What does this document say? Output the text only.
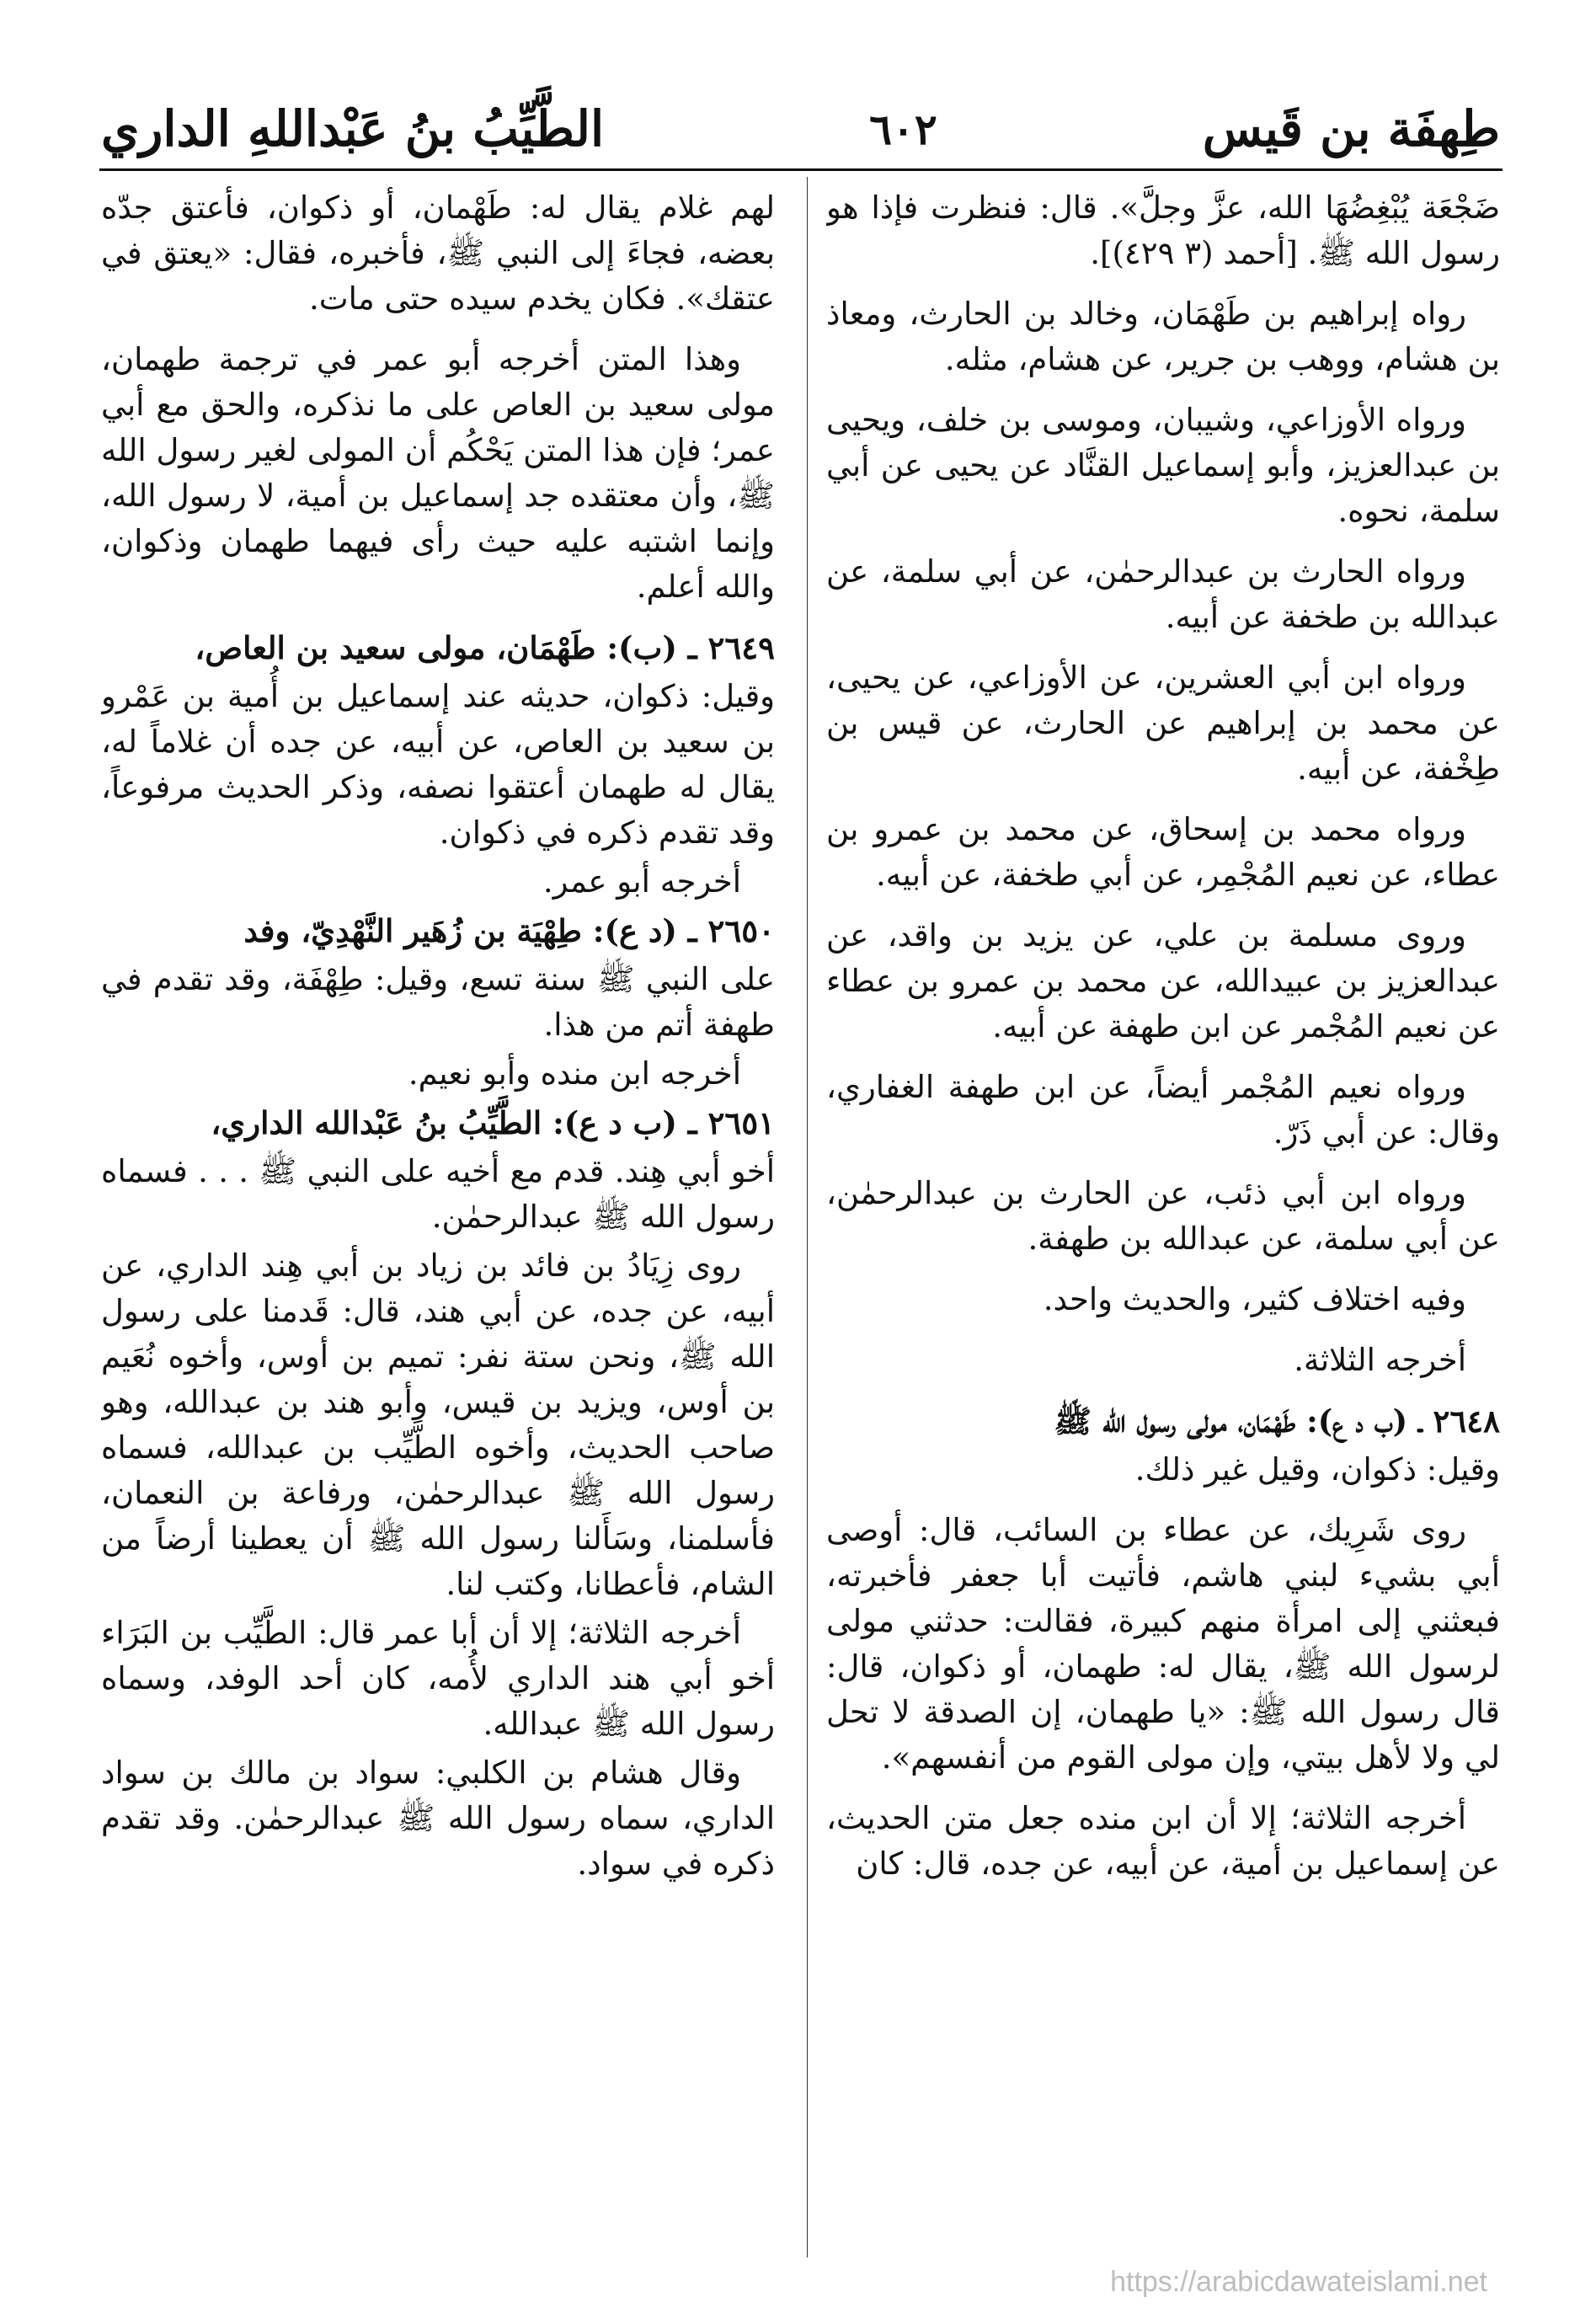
طِهفَة بن قَيس
٦٠٢
الطَّيِّبُ بنُ عَبْداللهِ الداري

ضَجْعَة يُبْغِضُهَا الله، عزَّ وجلَّ». قال: فنظرت فإذا هو رسول الله ﷺ. [أحمد (٣ ٤٢٩)].

رواه إبراهيم بن طَهْمَان، وخالد بن الحارث، ومعاذ بن هشام، ووهب بن جرير، عن هشام، مثله.

ورواه الأوزاعي، وشيبان، وموسى بن خلف، ويحيى بن عبدالعزيز، وأبو إسماعيل القنَّاد عن يحيى عن أبي سلمة، نحوه.

ورواه الحارث بن عبدالرحمٰن، عن أبي سلمة، عن عبدالله بن طخفة عن أبيه.

ورواه ابن أبي العشرين، عن الأوزاعي، عن يحيى، عن محمد بن إبراهيم عن الحارث، عن قيس بن طِخْفة، عن أبيه.

ورواه محمد بن إسحاق، عن محمد بن عمرو بن عطاء، عن نعيم المُجْمِر، عن أبي طخفة، عن أبيه.

وروى مسلمة بن علي، عن يزيد بن واقد، عن عبدالعزيز بن عبيدالله، عن محمد بن عمرو بن عطاء عن نعيم المُجْمر عن ابن طهفة عن أبيه.

ورواه نعيم المُجْمر أيضاً، عن ابن طهفة الغفاري، وقال: عن أبي ذَرّ.

ورواه ابن أبي ذئب، عن الحارث بن عبدالرحمٰن، عن أبي سلمة، عن عبدالله بن طهفة.

وفيه اختلاف كثير، والحديث واحد.

أخرجه الثلاثة.

٢٦٤٨ ـ (ب د ع): طَهْمَان، مولى رسول الله ﷺ

وقيل: ذكوان، وقيل غير ذلك.

روى شَرِيك، عن عطاء بن السائب، قال: أوصى أبي بشيء لبني هاشم، فأتيت أبا جعفر فأخبرته، فبعثني إلى امرأة منهم كبيرة، فقالت: حدثني مولى لرسول الله ﷺ، يقال له: طهمان، أو ذكوان، قال: قال رسول الله ﷺ: «يا طهمان، إن الصدقة لا تحل لي ولا لأهل بيتي، وإن مولى القوم من أنفسهم».

أخرجه الثلاثة؛ إلا أن ابن منده جعل متن الحديث، عن إسماعيل بن أمية، عن أبيه، عن جده، قال: كان

لهم غلام يقال له: طَهْمان، أو ذكوان، فأعتق جدّه بعضه، فجاءَ إلى النبي ﷺ، فأخبره، فقال: «يعتق في عتقك». فكان يخدم سيده حتى مات.

وهذا المتن أخرجه أبو عمر في ترجمة طهمان، مولى سعيد بن العاص على ما نذكره، والحق مع أبي عمر؛ فإن هذا المتن يَحْكُم أن المولى لغير رسول الله ﷺ، وأن معتقده جد إسماعيل بن أمية، لا رسول الله، وإنما اشتبه عليه حيث رأى فيهما طهمان وذكوان، والله أعلم.

٢٦٤٩ ـ (ب): طَهْمَان، مولى سعيد بن العاص،

وقيل: ذكوان، حديثه عند إسماعيل بن أُمية بن عَمْرو بن سعيد بن العاص، عن أبيه، عن جده أن غلاماً له، يقال له طهمان أعتقوا نصفه، وذكر الحديث مرفوعاً، وقد تقدم ذكره في ذكوان.

أخرجه أبو عمر.

٢٦٥٠ ـ (د ع): طِهْيَة بن زُهَير النَّهْدِيّ، وفد

على النبي ﷺ سنة تسع، وقيل: طِهْفَة، وقد تقدم في طهفة أتم من هذا.

أخرجه ابن منده وأبو نعيم.

٢٦٥١ ـ (ب د ع): الطَّيِّبُ بنُ عَبْدالله الداري،

أخو أبي هِند. قدم مع أخيه على النبي ﷺ . . . فسماه رسول الله ﷺ عبدالرحمٰن.

روى زِيَادُ بن فائد بن زياد بن أبي هِند الداري، عن أبيه، عن جده، عن أبي هند، قال: قَدمنا على رسول الله ﷺ، ونحن ستة نفر: تميم بن أوس، وأخوه نُعَيم بن أوس، ويزيد بن قيس، وأبو هند بن عبدالله، وهو صاحب الحديث، وأخوه الطَّيِّب بن عبدالله، فسماه رسول الله ﷺ عبدالرحمٰن، ورفاعة بن النعمان، فأسلمنا، وسَأَلنا رسول الله ﷺ أن يعطينا أرضاً من الشام، فأعطانا، وكتب لنا.

أخرجه الثلاثة؛ إلا أن أبا عمر قال: الطَّيِّب بن البَرَاء أخو أبي هند الداري لأُمه، كان أحد الوفد، وسماه رسول الله ﷺ عبدالله.

وقال هشام بن الكلبي: سواد بن مالك بن سواد الداري، سماه رسول الله ﷺ عبدالرحمٰن. وقد تقدم ذكره في سواد.

https://arabicdawateislami.net
